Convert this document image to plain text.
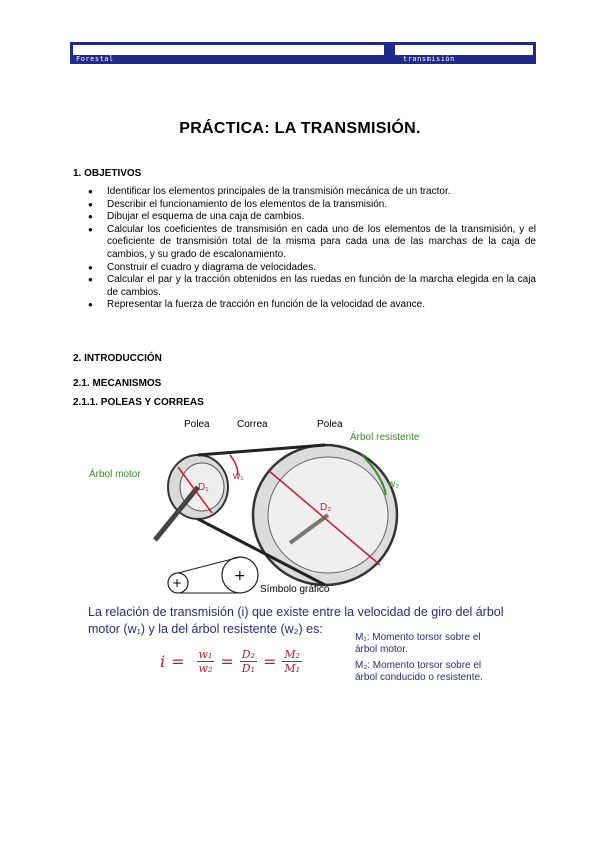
Forestal	transmisión
PRÁCTICA: LA TRANSMISIÓN.
1. OBJETIVOS
● Identificar los elementos principales de la transmisión mecánica de un tractor.
● Describir el funcionamiento de los elementos de la transmisión.
● Dibujar el esquema de una caja de cambios.
● Calcular los coeficientes de transmisión en cada uno de los elementos de la transmisión, y el coeficiente de transmisión total de la misma para cada una de las marchas de la caja de cambios, y su grado de escalonamiento.
● Construir el cuadro y diagrama de velocidades.
● Calcular el par y la tracción obtenidos en las ruedas en función de la marcha elegida en la caja de cambios.
● Representar la fuerza de tracción en función de la velocidad de avance.
2. INTRODUCCIÓN
2.1. MECANISMOS
2.1.1. POLEAS Y CORREAS
+	+
Polea	Correa	Polea
Árbol resistente
Árbol motor
D₁
w₁
D₂
w₂
Símbolo gráfico
La relación de transmisión (i) que existe entre la velocidad de giro del árbol
motor (w₁) y la del árbol resistente (w₂) es:
M₁: Momento torsor sobre el
árbol motor.
M₂: Momento torsor sobre el
árbol conducido o resistente.
$i = \frac{\text{w₁}}{\text{w₂}} = \frac{\text{D₂}}{\text{D₁}} = \frac{\text{M₂}}{\text{M₁}}$
